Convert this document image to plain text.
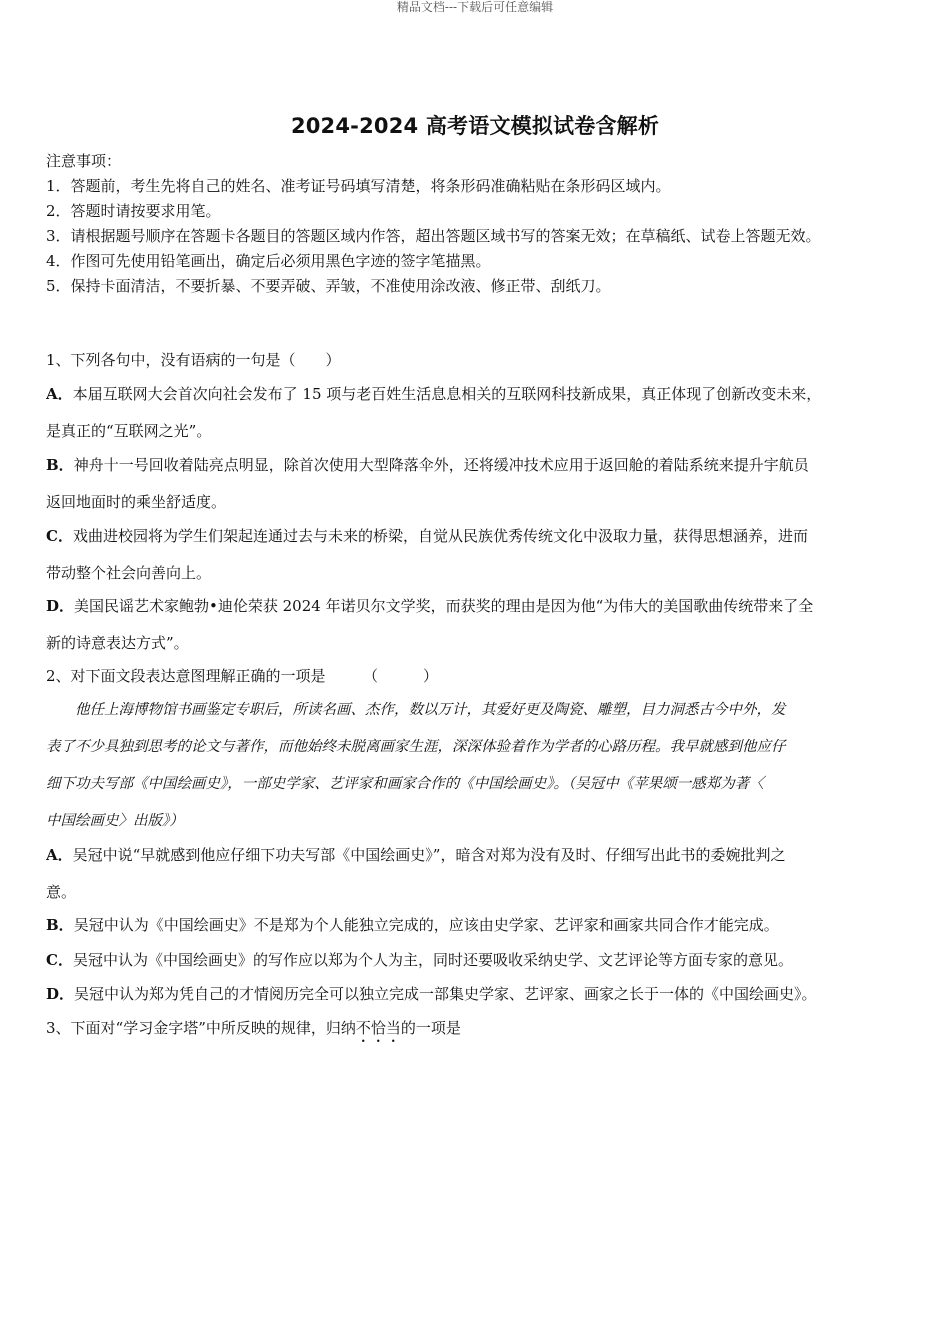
精品文档---下载后可任意编辑
2024-2024 高考语文模拟试卷含解析
注意事项：
1．答题前，考生先将自己的姓名、准考证号码填写清楚，将条形码准确粘贴在条形码区域内。
2．答题时请按要求用笔。
3．请根据题号顺序在答题卡各题目的答题区域内作答，超出答题区域书写的答案无效；在草稿纸、试卷上答题无效。
4．作图可先使用铅笔画出，确定后必须用黑色字迹的签字笔描黑。
5．保持卡面清洁，不要折暴、不要弄破、弄皱，不准使用涂改液、修正带、刮纸刀。
1、下列各句中，没有语病的一句是（　　）
A．本届互联网大会首次向社会发布了 15 项与老百姓生活息息相关的互联网科技新成果，真正体现了创新改变未来，
是真正的“互联网之光”。
B．神舟十一号回收着陆亮点明显，除首次使用大型降落伞外，还将缓冲技术应用于返回舱的着陆系统来提升宇航员
返回地面时的乘坐舒适度。
C．戏曲进校园将为学生们架起连通过去与未来的桥梁，自觉从民族优秀传统文化中汲取力量，获得思想涵养，进而
带动整个社会向善向上。
D．美国民谣艺术家鲍勃•迪伦荣获 2024 年诺贝尔文学奖，而获奖的理由是因为他“为伟大的美国歌曲传统带来了全
新的诗意表达方式”。
2、对下面文段表达意图理解正确的一项是　　　（　　　）
　　他任上海博物馆书画鉴定专职后，所读名画、杰作，数以万计，其爱好更及陶瓷、雕塑，目力洞悉古今中外，发
表了不少具独到思考的论文与著作，而他始终未脱离画家生涯，深深体验着作为学者的心路历程。我早就感到他应仔
细下功夫写部《中国绘画史》，一部史学家、艺评家和画家合作的《中国绘画史》。（吴冠中《苹果颂一感郑为著〈
中国绘画史〉出版》）
A．吴冠中说“早就感到他应仔细下功夫写部《中国绘画史》”，暗含对郑为没有及时、仔细写出此书的委婉批判之
意。
B．吴冠中认为《中国绘画史》不是郑为个人能独立完成的，应该由史学家、艺评家和画家共同合作才能完成。
C．吴冠中认为《中国绘画史》的写作应以郑为个人为主，同时还要吸收采纳史学、文艺评论等方面专家的意见。
D．吴冠中认为郑为凭自己的才情阅历完全可以独立完成一部集史学家、艺评家、画家之长于一体的《中国绘画史》。
3、下面对“学习金字塔”中所反映的规律，归纳不恰当的一项是
